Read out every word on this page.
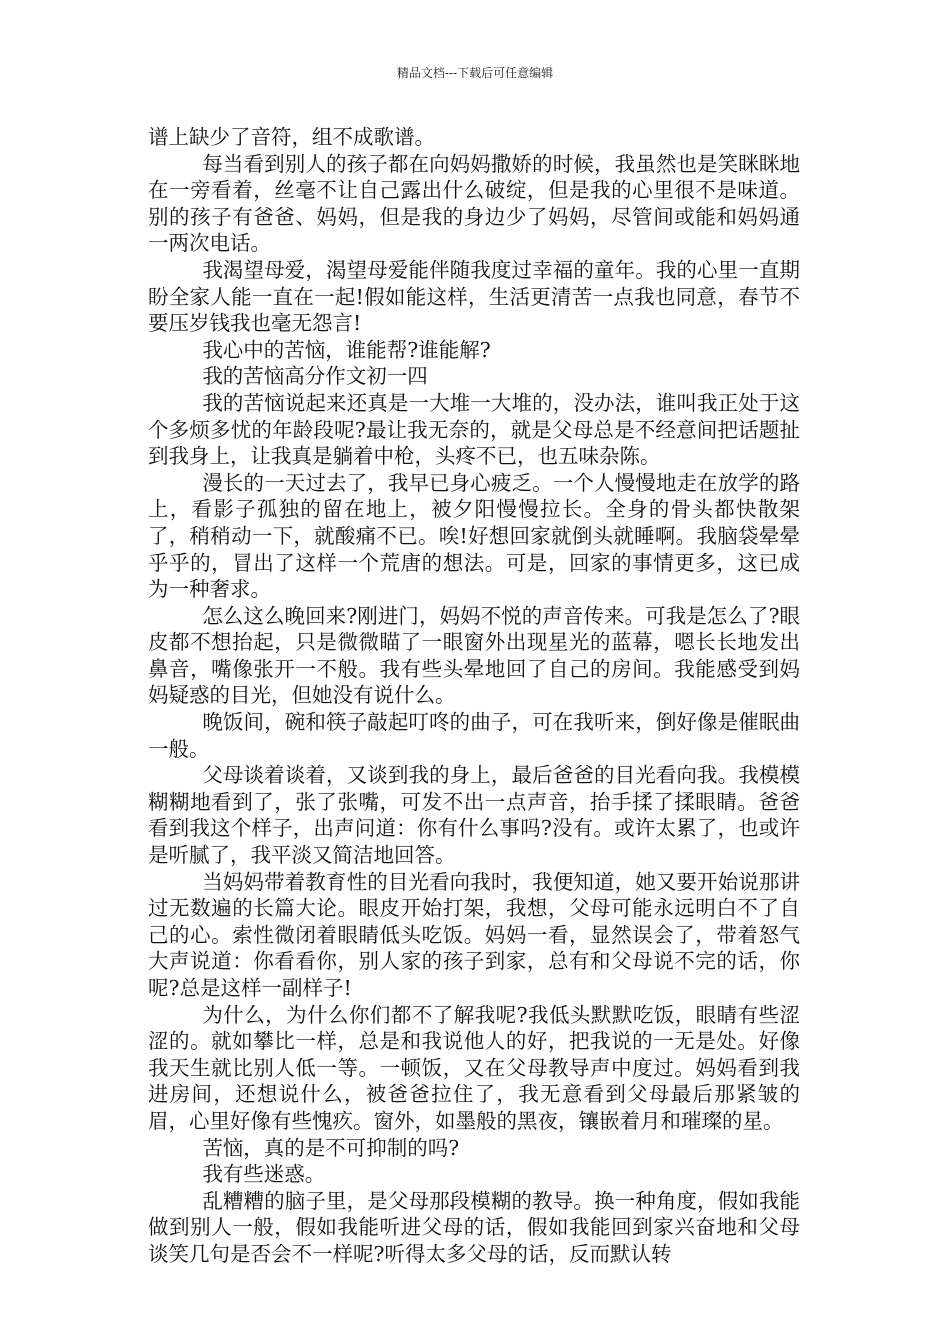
精品文档---下载后可任意编辑

谱上缺少了音符，组不成歌谱。

每当看到别人的孩子都在向妈妈撒娇的时候，我虽然也是笑眯眯地在一旁看着，丝毫不让自己露出什么破绽，但是我的心里很不是味道。别的孩子有爸爸、妈妈，但是我的身边少了妈妈，尽管间或能和妈妈通一两次电话。

我渴望母爱，渴望母爱能伴随我度过幸福的童年。我的心里一直期盼全家人能一直在一起!假如能这样，生活更清苦一点我也同意，春节不要压岁钱我也毫无怨言!

我心中的苦恼，谁能帮?谁能解?

我的苦恼高分作文初一四

我的苦恼说起来还真是一大堆一大堆的，没办法，谁叫我正处于这个多烦多忧的年龄段呢?最让我无奈的，就是父母总是不经意间把话题扯到我身上，让我真是躺着中枪，头疼不已，也五味杂陈。

漫长的一天过去了，我早已身心疲乏。一个人慢慢地走在放学的路上，看影子孤独的留在地上，被夕阳慢慢拉长。全身的骨头都快散架了，稍稍动一下，就酸痛不已。唉!好想回家就倒头就睡啊。我脑袋晕晕乎乎的，冒出了这样一个荒唐的想法。可是，回家的事情更多，这已成为一种奢求。

怎么这么晚回来?刚进门，妈妈不悦的声音传来。可我是怎么了?眼皮都不想抬起，只是微微瞄了一眼窗外出现星光的蓝幕，嗯长长地发出鼻音，嘴像张开一不般。我有些头晕地回了自己的房间。我能感受到妈妈疑惑的目光，但她没有说什么。

晚饭间，碗和筷子敲起叮咚的曲子，可在我听来，倒好像是催眠曲一般。

父母谈着谈着，又谈到我的身上，最后爸爸的目光看向我。我模模糊糊地看到了，张了张嘴，可发不出一点声音，抬手揉了揉眼睛。爸爸看到我这个样子，出声问道：你有什么事吗?没有。或许太累了，也或许是听腻了，我平淡又简洁地回答。

当妈妈带着教育性的目光看向我时，我便知道，她又要开始说那讲过无数遍的长篇大论。眼皮开始打架，我想，父母可能永远明白不了自己的心。索性微闭着眼睛低头吃饭。妈妈一看，显然误会了，带着怒气大声说道：你看看你，别人家的孩子到家，总有和父母说不完的话，你呢?总是这样一副样子!

为什么，为什么你们都不了解我呢?我低头默默吃饭，眼睛有些涩涩的。就如攀比一样，总是和我说他人的好，把我说的一无是处。好像我天生就比别人低一等。一顿饭，又在父母教导声中度过。妈妈看到我进房间，还想说什么，被爸爸拉住了，我无意看到父母最后那紧皱的眉，心里好像有些愧疚。窗外，如墨般的黑夜，镶嵌着月和璀璨的星。

苦恼，真的是不可抑制的吗?

我有些迷惑。

乱糟糟的脑子里，是父母那段模糊的教导。换一种角度，假如我能做到别人一般，假如我能听进父母的话，假如我能回到家兴奋地和父母谈笑几句是否会不一样呢?听得太多父母的话，反而默认转
